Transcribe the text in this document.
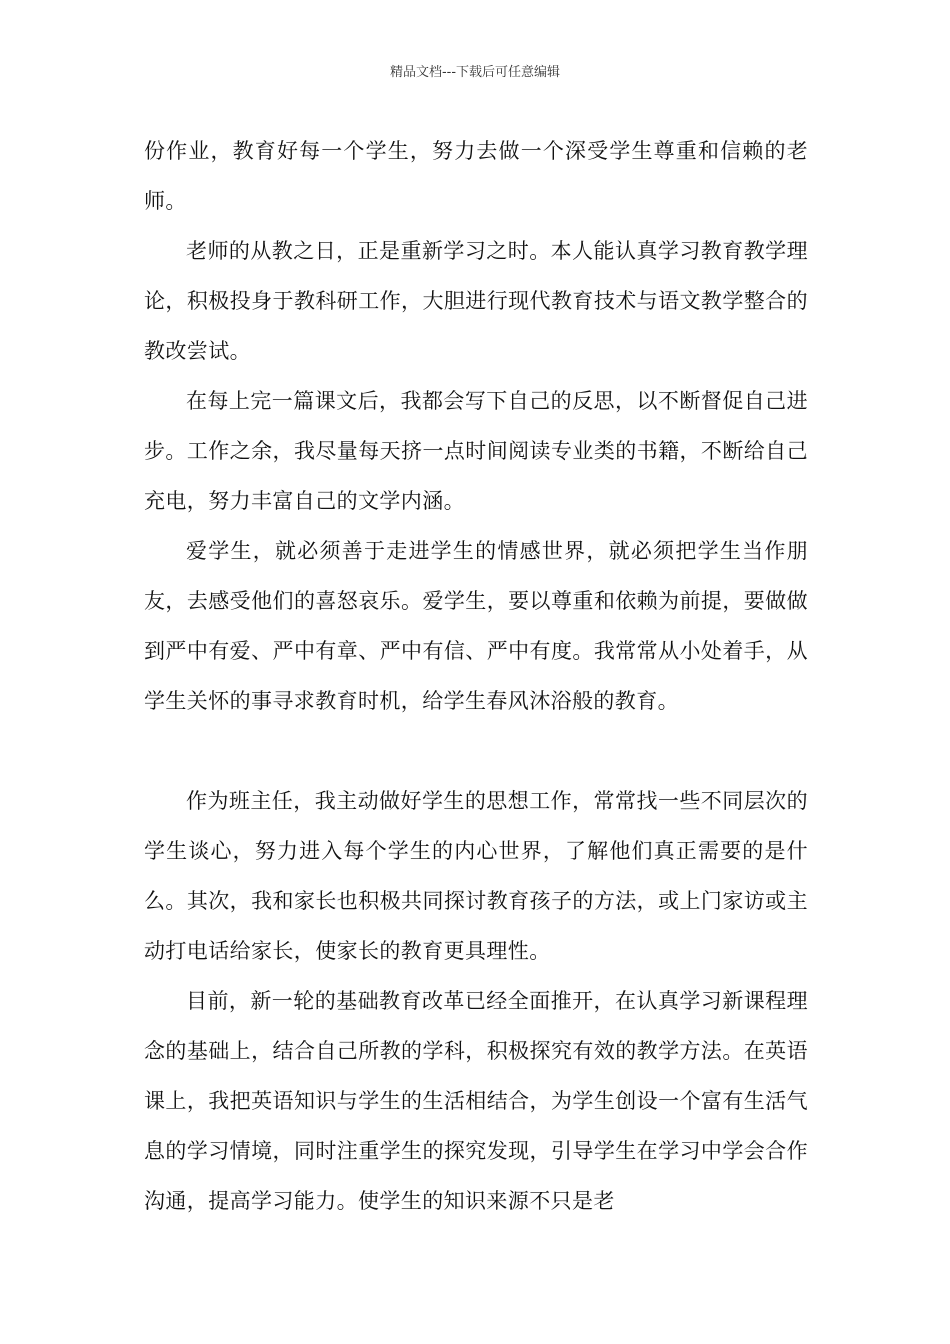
精品文档---下载后可任意编辑

份作业，教育好每一个学生，努力去做一个深受学生尊重和信赖的老师。

老师的从教之日，正是重新学习之时。本人能认真学习教育教学理论，积极投身于教科研工作，大胆进行现代教育技术与语文教学整合的教改尝试。

在每上完一篇课文后，我都会写下自己的反思，以不断督促自己进步。工作之余，我尽量每天挤一点时间阅读专业类的书籍，不断给自己充电，努力丰富自己的文学内涵。

爱学生，就必须善于走进学生的情感世界，就必须把学生当作朋友，去感受他们的喜怒哀乐。爱学生，要以尊重和依赖为前提，要做做到严中有爱、严中有章、严中有信、严中有度。我常常从小处着手，从学生关怀的事寻求教育时机，给学生春风沐浴般的教育。

作为班主任，我主动做好学生的思想工作，常常找一些不同层次的学生谈心，努力进入每个学生的内心世界，了解他们真正需要的是什么。其次，我和家长也积极共同探讨教育孩子的方法，或上门家访或主动打电话给家长，使家长的教育更具理性。

目前，新一轮的基础教育改革已经全面推开，在认真学习新课程理念的基础上，结合自己所教的学科，积极探究有效的教学方法。在英语课上，我把英语知识与学生的生活相结合，为学生创设一个富有生活气息的学习情境，同时注重学生的探究发现，引导学生在学习中学会合作沟通，提高学习能力。使学生的知识来源不只是老
